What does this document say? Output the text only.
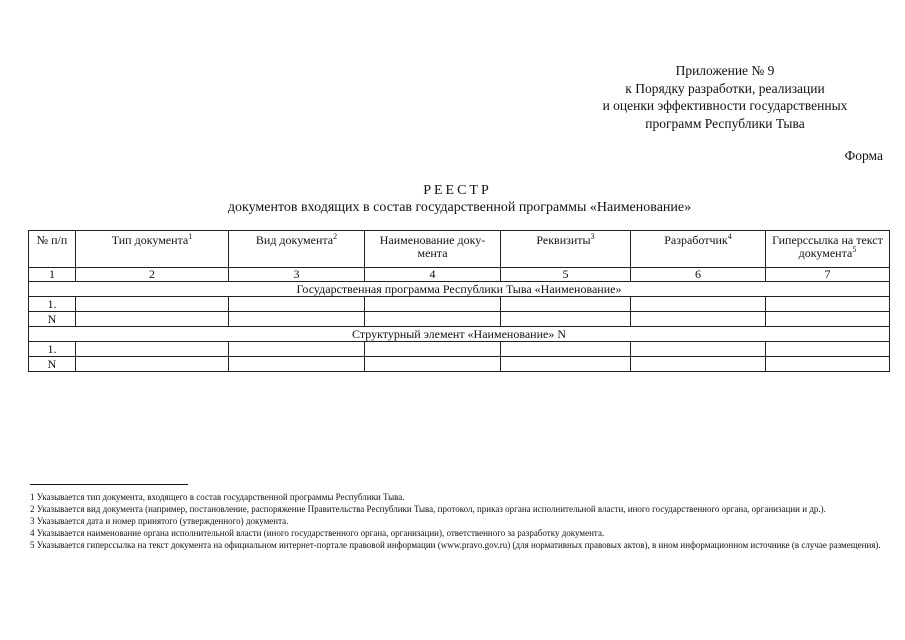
Приложение № 9
к Порядку разработки, реализации
и оценки эффективности государственных
программ Республики Тыва
Форма
РЕЕСТР
документов входящих в состав государственной программы «Наименование»
№ п/п	Тип документа$^1$	Вид документа$^2$	Наименование доку-мента	Реквизиты$^3$	Разработчик$^4$	Гиперссылка на текст документа$^5$
1	2	3	4	5	6	7
Государственная программа Республики Тыва «Наименование»						
1.						
N						
Структурный элемент «Наименование» N						
1.						
N						
1 Указывается тип документа, входящего в состав государственной программы Республики Тыва.
2 Указывается вид документа (например, постановление, распоряжение Правительства Республики Тыва, протокол, приказ органа исполнительной власти, иного государственного органа, организации и др.).
3 Указывается дата и номер принятого (утвержденного) документа.
4 Указывается наименование органа исполнительной власти (иного государственного органа, организации), ответственного за разработку документа.
5 Указывается гиперссылка на текст документа на официальном интернет-портале правовой информации (www.pravo.gov.ru) (для нормативных правовых актов), в ином информационном источнике (в случае размещения).
